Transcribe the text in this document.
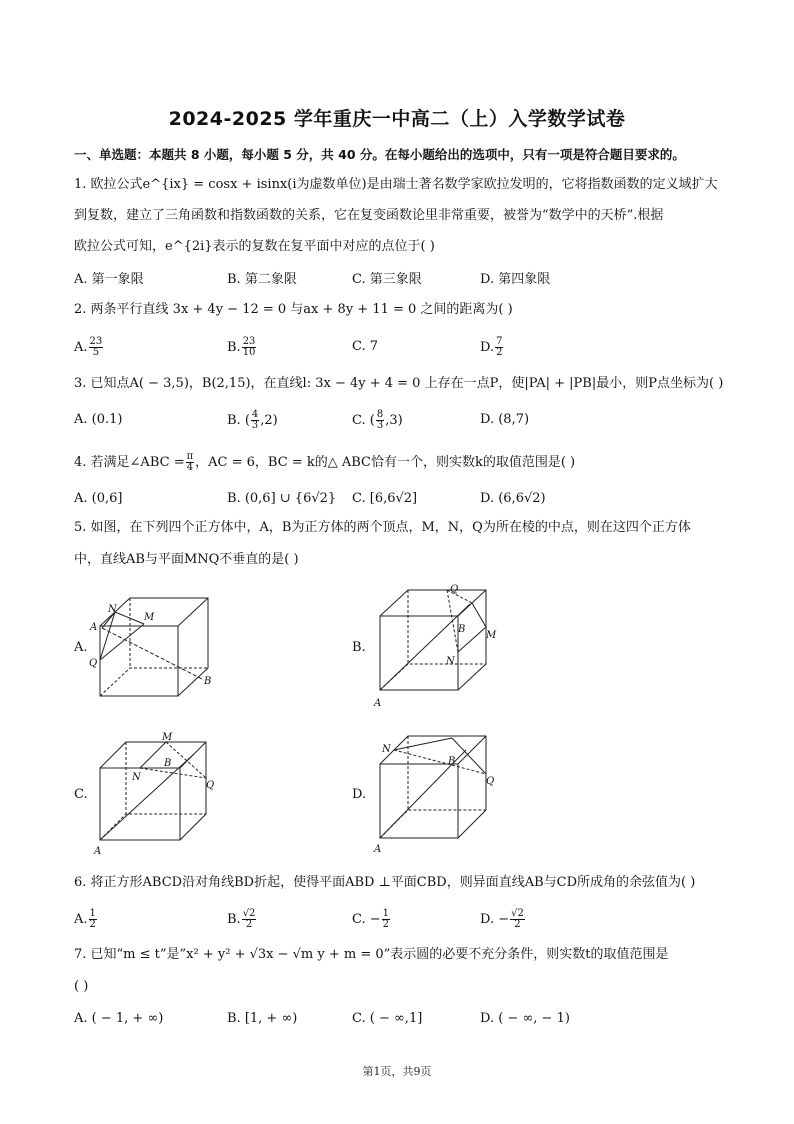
2024-2025 学年重庆一中高二（上）入学数学试卷
一、单选题：本题共 8 小题，每小题 5 分，共 40 分。在每小题给出的选项中，只有一项是符合题目要求的。
1. 欧拉公式e^{ix} = cosx + isinx(i为虚数单位)是由瑞士著名数学家欧拉发明的，它将指数函数的定义域扩大
到复数，建立了三角函数和指数函数的关系，它在复变函数论里非常重要，被誉为“数学中的天桥”.根据
欧拉公式可知，e^{2i}表示的复数在复平面中对应的点位于( )
A. 第一象限	B. 第二象限	C. 第三象限	D. 第四象限
2. 两条平行直线 3x + 4y − 12 = 0 与ax + 8y + 11 = 0 之间的距离为( )
A. $\frac{23}{5}$	B. $\frac{23}{10}$	C. 7	D. $\frac{7}{2}$
3. 已知点A( − 3,5)，B(2,15)，在直线l: 3x − 4y + 4 = 0 上存在一点P，使|PA| + |PB|最小，则P点坐标为( )
A. (0.1)	B. ( $\frac{4}{3} ,2$)	C. ( $\frac{8}{3} ,3$)	D. (8,7)
4. 若满足∠ABC = $\frac{\pi}{4}$ ，AC = 6，BC = k的△ ABC恰有一个，则实数k的取值范围是( )
A. (0,6]	B. (0,6] ∪ {6√2} C. [6,6√2]	D. (6,6√2)
5. 如图，在下列四个正方体中，A，B为正方体的两个顶点，M，N，Q为所在棱的中点，则在这四个正方体
中，直线AB与平面MNQ不垂直的是( )
A.	B.
C.	D.
N
A
M
Q
B
Q
B
M
N
A
M
B
N
Q
A
N
B
Q
A
6. 将正方形ABCD沿对角线BD折起，使得平面ABD ⊥平面CBD，则异面直线AB与CD所成角的余弦值为( )
A. $\frac{1}{2}$	B. $\frac{√2}{2}$	C. − $\frac{1}{2}$	D. − $\frac{√2}{2}$
7. 已知“m ≤ t”是”x² + y² + √3x − √m y + m = 0”表示圆的必要不充分条件，则实数t的取值范围是
( )
A. ( − 1, + ∞)	B. [1, + ∞)	C. ( − ∞,1]	D. ( − ∞, − 1)
第1页，共9页
